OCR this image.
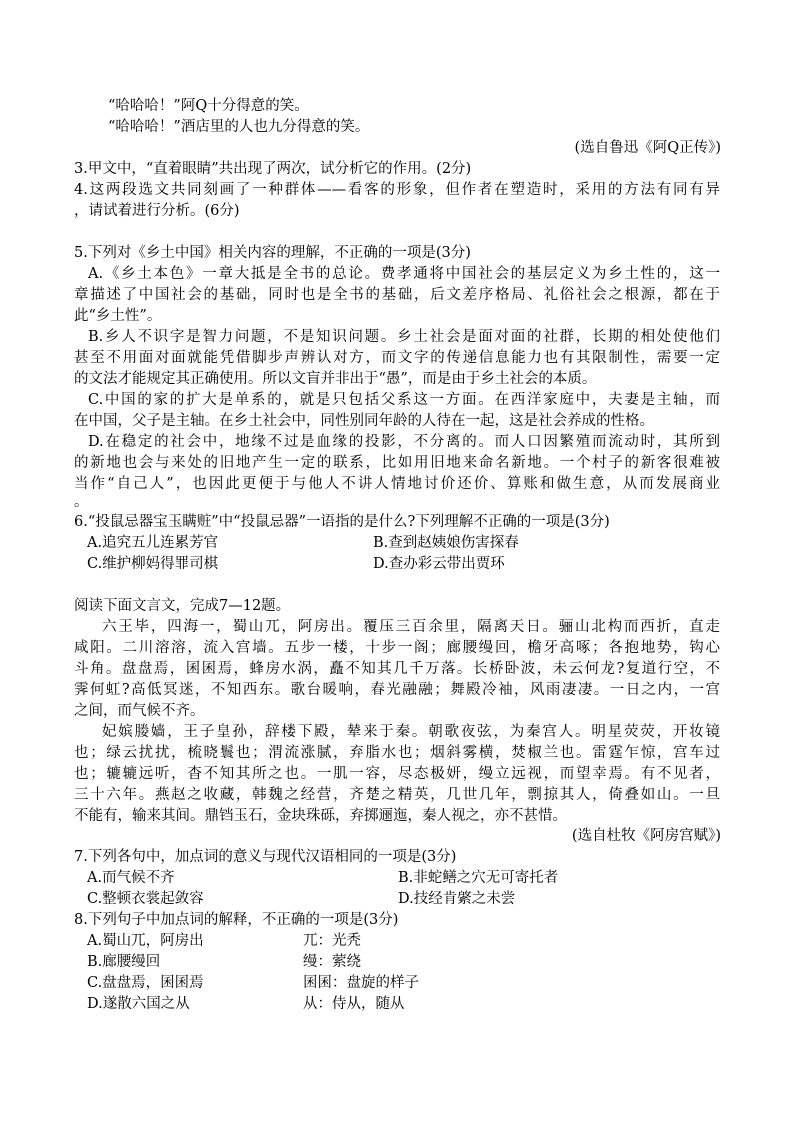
“哈哈哈！”阿Q十分得意的笑。
“哈哈哈！”酒店里的人也九分得意的笑。
(选自鲁迅《阿Q正传》)
3.甲文中，“直着眼睛”共出现了两次，试分析它的作用。(2分)
4.这两段选文共同刻画了一种群体——看客的形象，但作者在塑造时，采用的方法有同有异
，请试着进行分析。(6分)
5.下列对《乡土中国》相关内容的理解，不正确的一项是(3分)
A.《乡土本色》一章大抵是全书的总论。费孝通将中国社会的基层定义为乡土性的，这一
章描述了中国社会的基础，同时也是全书的基础，后文差序格局、礼俗社会之根源，都在于
此“乡土性”。
B.乡人不识字是智力问题，不是知识问题。乡土社会是面对面的社群，长期的相处使他们
甚至不用面对面就能凭借脚步声辨认对方，而文字的传递信息能力也有其限制性，需要一定
的文法才能规定其正确使用。所以文盲并非出于“愚”，而是由于乡土社会的本质。
C.中国的家的扩大是单系的，就是只包括父系这一方面。在西洋家庭中，夫妻是主轴，而
在中国，父子是主轴。在乡土社会中，同性别同年龄的人待在一起，这是社会养成的性格。
D.在稳定的社会中，地缘不过是血缘的投影，不分离的。而人口因繁殖而流动时，其所到
的新地也会与来处的旧地产生一定的联系，比如用旧地来命名新地。一个村子的新客很难被
当作“自己人”，也因此更便于与他人不讲人情地讨价还价、算账和做生意，从而发展商业
。
6.“投鼠忌器宝玉瞒赃”中“投鼠忌器”一语指的是什么?下列理解不正确的一项是(3分)
A.追究五儿连累芳官	B.查到赵姨娘伤害探春
C.维护柳妈得罪司棋	D.查办彩云带出贾环
阅读下面文言文，完成7—12题。
六王毕，四海一，蜀山兀，阿房出。覆压三百余里，隔离天日。骊山北构而西折，直走
咸阳。二川溶溶，流入宫墙。五步一楼，十步一阁；廊腰缦回，檐牙高啄；各抱地势，钩心
斗角。盘盘焉，囷囷焉，蜂房水涡，矗不知其几千万落。长桥卧波，未云何龙?复道行空，不
霁何虹?高低冥迷，不知西东。歌台暖响，春光融融；舞殿冷袖，风雨凄凄。一日之内，一宫
之间，而气候不齐。
妃嫔媵嫱，王子皇孙，辞楼下殿，辇来于秦。朝歌夜弦，为秦宫人。明星荧荧，开妆镜
也；绿云扰扰，梳晓鬟也；渭流涨腻，弃脂水也；烟斜雾横，焚椒兰也。雷霆乍惊，宫车过
也；辘辘远听，杳不知其所之也。一肌一容，尽态极妍，缦立远视，而望幸焉。有不见者，
三十六年。燕赵之收藏，韩魏之经营，齐楚之精英，几世几年，剽掠其人，倚叠如山。一旦
不能有，输来其间。鼎铛玉石，金块珠砾，弃掷逦迤，秦人视之，亦不甚惜。
(选自杜牧《阿房宫赋》)
7.下列各句中，加点词的意义与现代汉语相同的一项是(3分)
A.而气候不齐	B.非蛇鳝之穴无可寄托者
C.整顿衣裳起敛容	D.技经肯綮之未尝
8.下列句子中加点词的解释，不正确的一项是(3分)
A.蜀山兀，阿房出	兀：光秃
B.廊腰缦回	缦：萦绕
C.盘盘焉，囷囷焉	囷囷：盘旋的样子
D.遂散六国之从	从：侍从，随从
